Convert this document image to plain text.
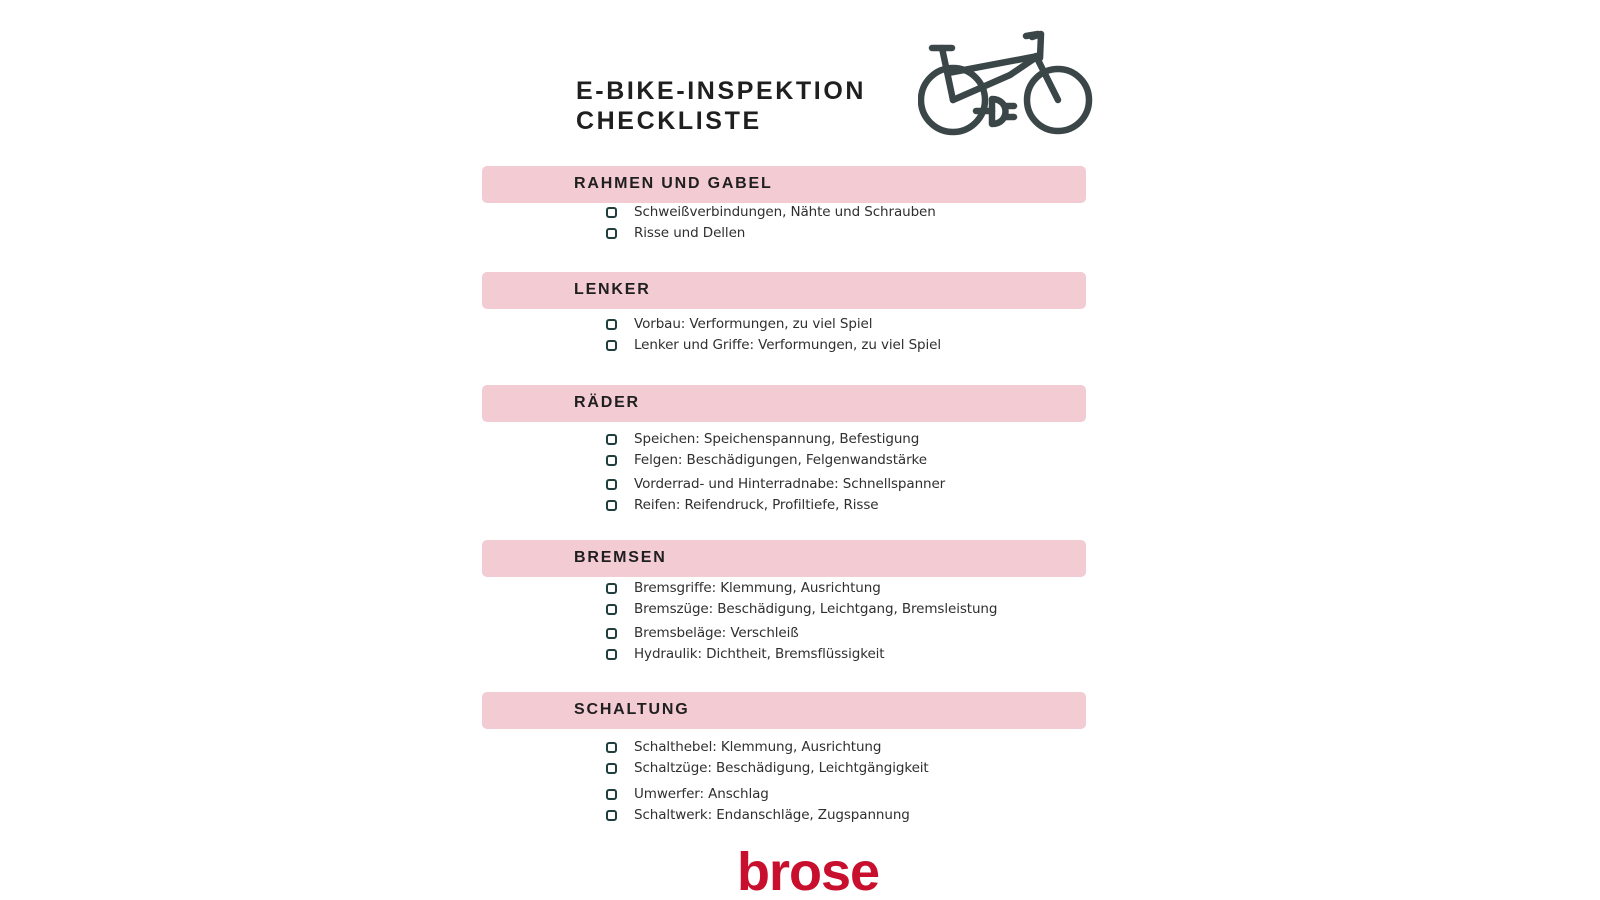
E-BIKE-INSPEKTION
CHECKLISTE
RAHMEN UND GABEL
Schweißverbindungen, Nähte und Schrauben
Risse und Dellen
LENKER
Vorbau: Verformungen, zu viel Spiel
Lenker und Griffe: Verformungen, zu viel Spiel
RÄDER
Speichen: Speichenspannung, Befestigung
Felgen: Beschädigungen, Felgenwandstärke
Vorderrad- und Hinterradnabe: Schnellspanner
Reifen: Reifendruck, Profiltiefe, Risse
BREMSEN
Bremsgriffe: Klemmung, Ausrichtung
Bremszüge: Beschädigung, Leichtgang, Bremsleistung
Bremsbeläge: Verschleiß
Hydraulik: Dichtheit, Bremsflüssigkeit
SCHALTUNG
Schalthebel: Klemmung, Ausrichtung
Schaltzüge: Beschädigung, Leichtgängigkeit
Umwerfer: Anschlag
Schaltwerk: Endanschläge, Zugspannung
brose
